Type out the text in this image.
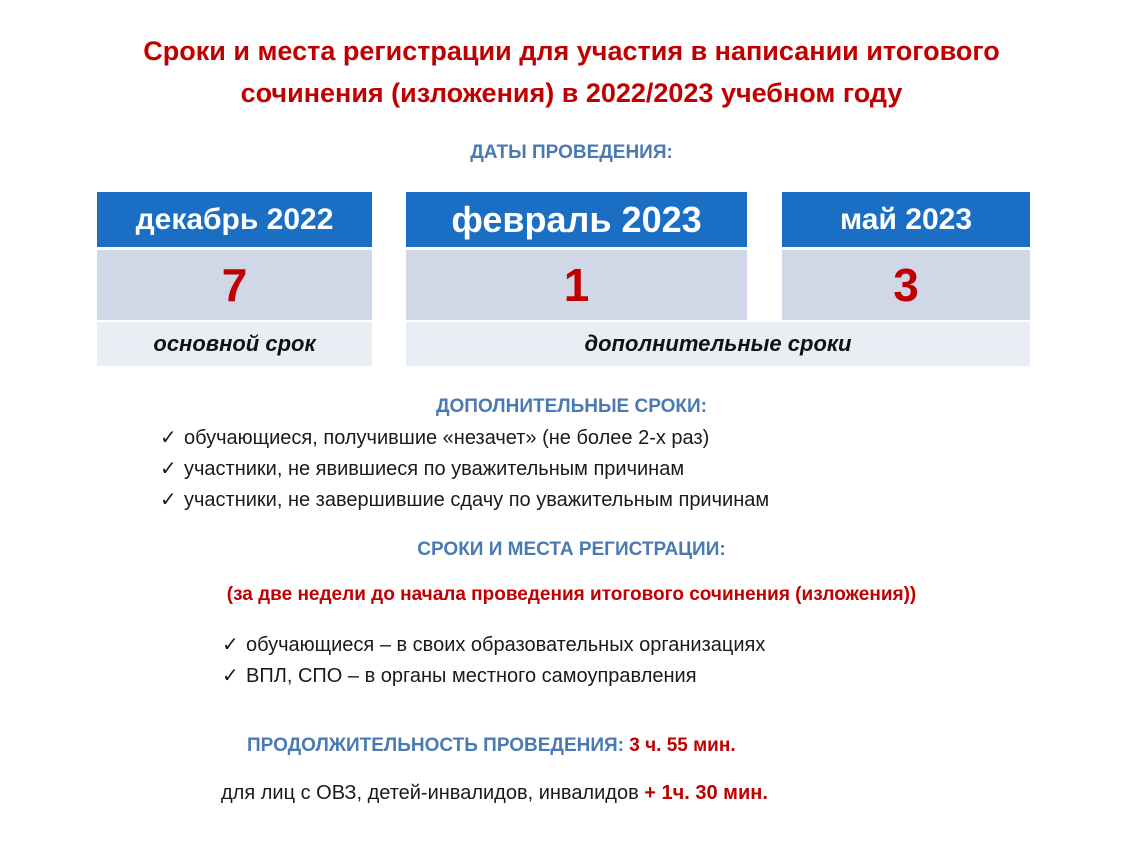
Сроки и места регистрации для участия в написании итогового
сочинения (изложения) в 2022/2023 учебном году
ДАТЫ ПРОВЕДЕНИЯ:
декабрь 2022
7
февраль 2023
1
май 2023
3
основной срок	дополнительные сроки
ДОПОЛНИТЕЛЬНЫЕ СРОКИ:
✓ обучающиеся, получившие «незачет» (не более 2-х раз)
✓ участники, не явившиеся по уважительным причинам
✓ участники, не завершившие сдачу по уважительным причинам
СРОКИ И МЕСТА РЕГИСТРАЦИИ:
(за две недели до начала проведения итогового сочинения (изложения))
✓ обучающиеся – в своих образовательных организациях
✓ ВПЛ, СПО – в органы местного самоуправления
ПРОДОЛЖИТЕЛЬНОСТЬ ПРОВЕДЕНИЯ: 3 ч. 55 мин.
для лиц с ОВЗ, детей-инвалидов, инвалидов + 1ч. 30 мин.
